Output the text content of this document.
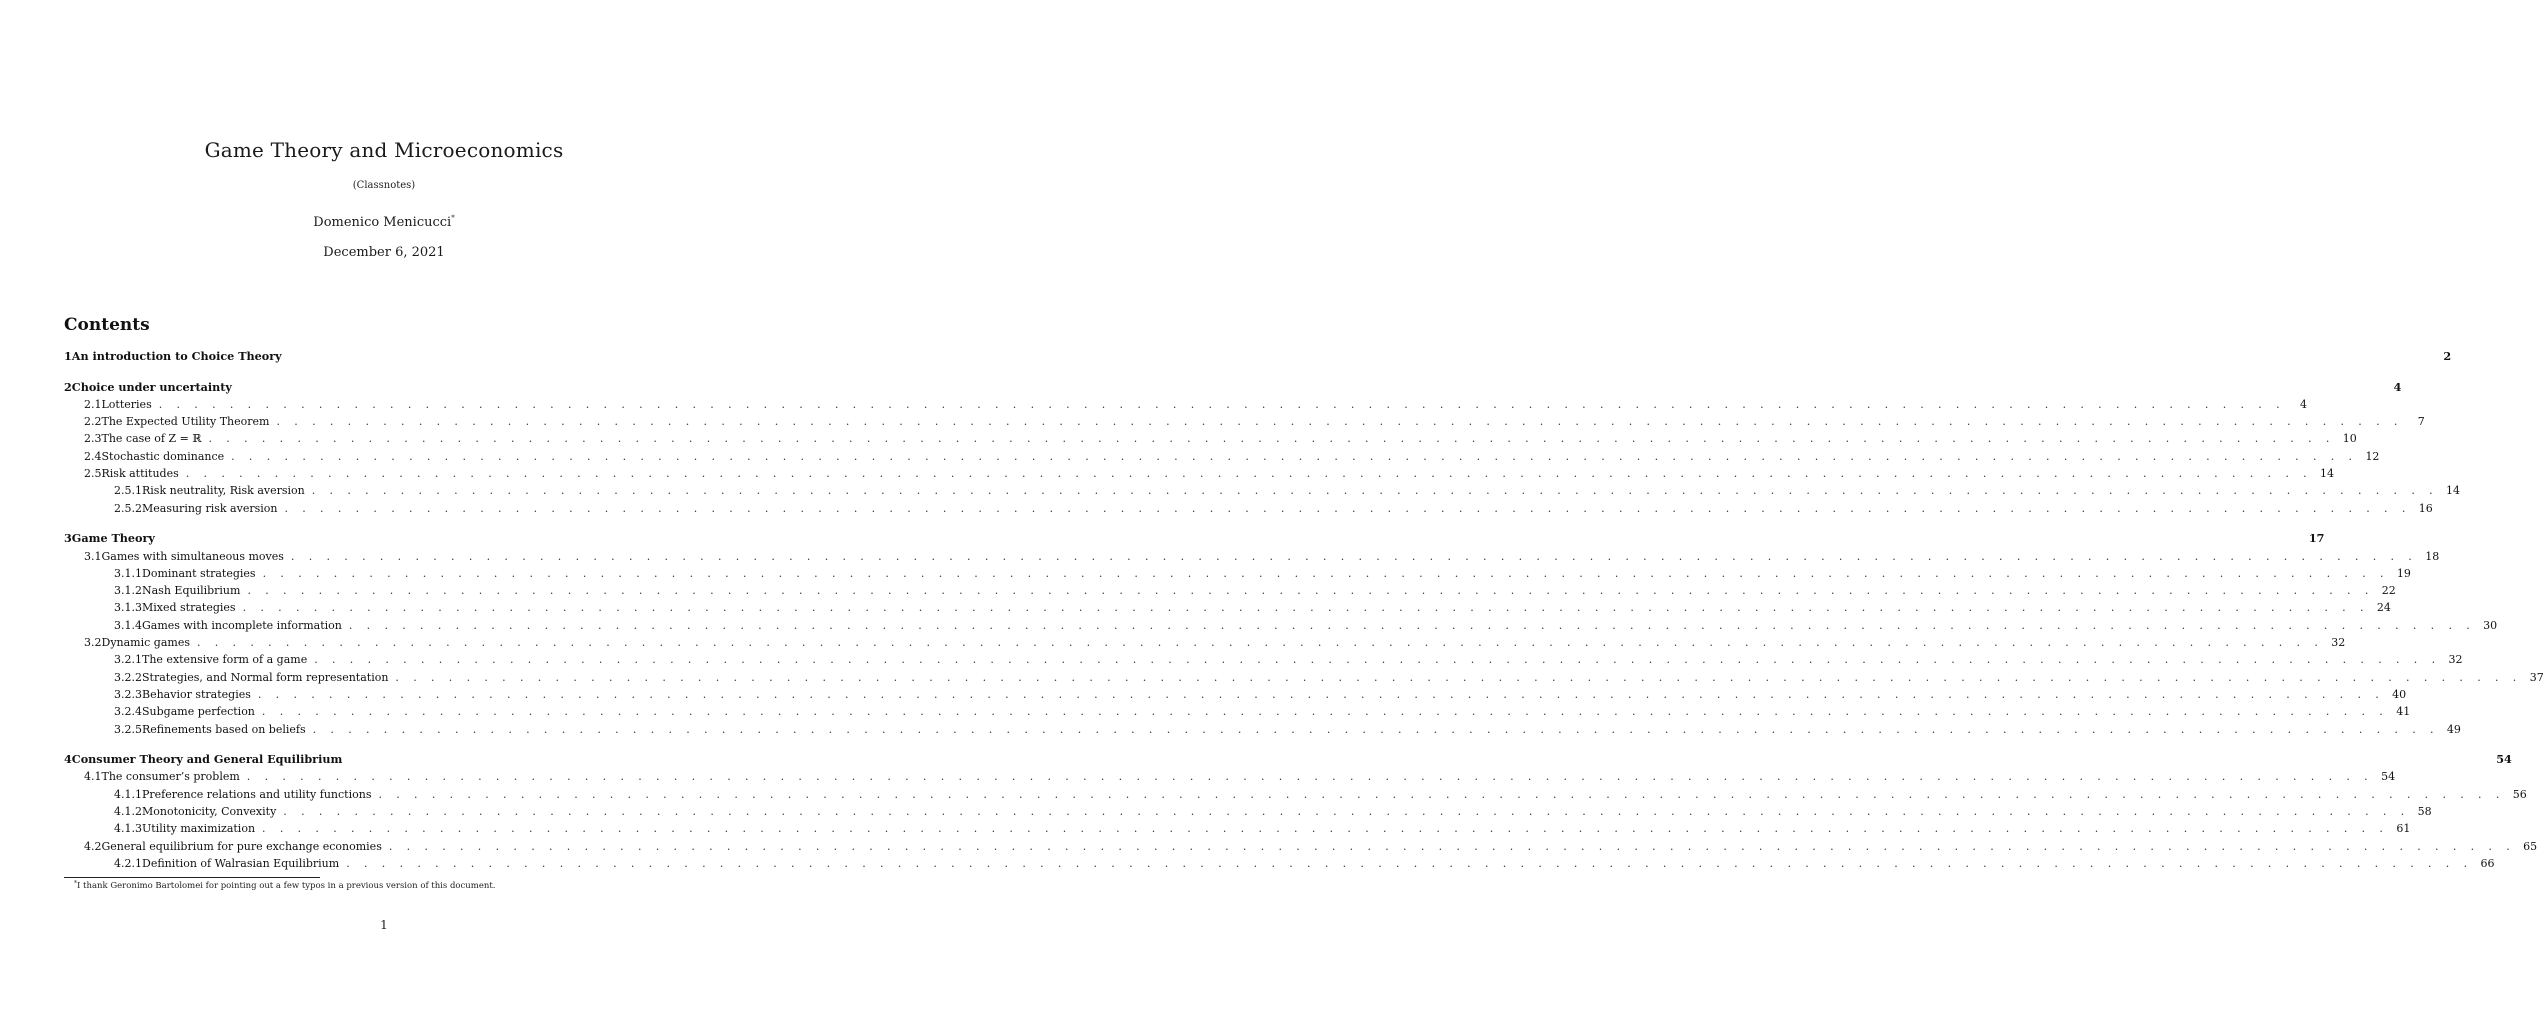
Game Theory and Microeconomics
(Classnotes)
Domenico Menicucci*
December 6, 2021
Contents
1 An introduction to Choice Theory	2
2 Choice under uncertainty	4
2.1 Lotteries . . . . . . . . . . . . . . . . . . . . . . . . . . . . . . . . . . . . . . . . . . . . . . . . . . . . . . . . . . . . . . . . . . . . . . . . . . . . . . . . . . . . . . . . . . . . . . . . . . . . . . . . . . . . . . . . . . . . . . . .	4
2.2 The Expected Utility Theorem . . . . . . . . . . . . . . . . . . . . . . . . . . . . . . . . . . . . . . . . . . . . . . . . . . . . . . . . . . . . . . . . . . . . . . . . . . . . . . . . . . . . . . . . . . . . . . . . . . . . . . . . . . . . . . . . . . . . . . . .	7
2.3 The case of Z = ℝ . . . . . . . . . . . . . . . . . . . . . . . . . . . . . . . . . . . . . . . . . . . . . . . . . . . . . . . . . . . . . . . . . . . . . . . . . . . . . . . . . . . . . . . . . . . . . . . . . . . . . . . . . . . . . . . . . . . . . . . . 10
2.4 Stochastic dominance . . . . . . . . . . . . . . . . . . . . . . . . . . . . . . . . . . . . . . . . . . . . . . . . . . . . . . . . . . . . . . . . . . . . . . . . . . . . . . . . . . . . . . . . . . . . . . . . . . . . . . . . . . . . . . . . . . . . . . . . 12
2.5 Risk attitudes . . . . . . . . . . . . . . . . . . . . . . . . . . . . . . . . . . . . . . . . . . . . . . . . . . . . . . . . . . . . . . . . . . . . . . . . . . . . . . . . . . . . . . . . . . . . . . . . . . . . . . . . . . . . . . . . . . . . . . . . 14
2.5.1 Risk neutrality, Risk aversion . . . . . . . . . . . . . . . . . . . . . . . . . . . . . . . . . . . . . . . . . . . . . . . . . . . . . . . . . . . . . . . . . . . . . . . . . . . . . . . . . . . . . . . . . . . . . . . . . . . . . . . . . . . . . . . . . . . . . . . . 14
2.5.2 Measuring risk aversion . . . . . . . . . . . . . . . . . . . . . . . . . . . . . . . . . . . . . . . . . . . . . . . . . . . . . . . . . . . . . . . . . . . . . . . . . . . . . . . . . . . . . . . . . . . . . . . . . . . . . . . . . . . . . . . . . . . . . . . . 16
3 Game Theory	17
3.1 Games with simultaneous moves . . . . . . . . . . . . . . . . . . . . . . . . . . . . . . . . . . . . . . . . . . . . . . . . . . . . . . . . . . . . . . . . . . . . . . . . . . . . . . . . . . . . . . . . . . . . . . . . . . . . . . . . . . . . . . . . . . . . . . . . 18
3.1.1 Dominant strategies . . . . . . . . . . . . . . . . . . . . . . . . . . . . . . . . . . . . . . . . . . . . . . . . . . . . . . . . . . . . . . . . . . . . . . . . . . . . . . . . . . . . . . . . . . . . . . . . . . . . . . . . . . . . . . . . . . . . . . . . 19
3.1.2 Nash Equilibrium . . . . . . . . . . . . . . . . . . . . . . . . . . . . . . . . . . . . . . . . . . . . . . . . . . . . . . . . . . . . . . . . . . . . . . . . . . . . . . . . . . . . . . . . . . . . . . . . . . . . . . . . . . . . . . . . . . . . . . . . 22
3.1.3 Mixed strategies . . . . . . . . . . . . . . . . . . . . . . . . . . . . . . . . . . . . . . . . . . . . . . . . . . . . . . . . . . . . . . . . . . . . . . . . . . . . . . . . . . . . . . . . . . . . . . . . . . . . . . . . . . . . . . . . . . . . . . . . 24
3.1.4 Games with incomplete information . . . . . . . . . . . . . . . . . . . . . . . . . . . . . . . . . . . . . . . . . . . . . . . . . . . . . . . . . . . . . . . . . . . . . . . . . . . . . . . . . . . . . . . . . . . . . . . . . . . . . . . . . . . . . . . . . . . . . . . . 30
3.2 Dynamic games . . . . . . . . . . . . . . . . . . . . . . . . . . . . . . . . . . . . . . . . . . . . . . . . . . . . . . . . . . . . . . . . . . . . . . . . . . . . . . . . . . . . . . . . . . . . . . . . . . . . . . . . . . . . . . . . . . . . . . . . 32
3.2.1 The extensive form of a game . . . . . . . . . . . . . . . . . . . . . . . . . . . . . . . . . . . . . . . . . . . . . . . . . . . . . . . . . . . . . . . . . . . . . . . . . . . . . . . . . . . . . . . . . . . . . . . . . . . . . . . . . . . . . . . . . . . . . . . . 32
3.2.2 Strategies, and Normal form representation . . . . . . . . . . . . . . . . . . . . . . . . . . . . . . . . . . . . . . . . . . . . . . . . . . . . . . . . . . . . . . . . . . . . . . . . . . . . . . . . . . . . . . . . . . . . . . . . . . . . . . . . . . . . . . . . . . . . . . . . 37
3.2.3 Behavior strategies . . . . . . . . . . . . . . . . . . . . . . . . . . . . . . . . . . . . . . . . . . . . . . . . . . . . . . . . . . . . . . . . . . . . . . . . . . . . . . . . . . . . . . . . . . . . . . . . . . . . . . . . . . . . . . . . . . . . . . . . 40
3.2.4 Subgame perfection . . . . . . . . . . . . . . . . . . . . . . . . . . . . . . . . . . . . . . . . . . . . . . . . . . . . . . . . . . . . . . . . . . . . . . . . . . . . . . . . . . . . . . . . . . . . . . . . . . . . . . . . . . . . . . . . . . . . . . . . 41
3.2.5 Refinements based on beliefs . . . . . . . . . . . . . . . . . . . . . . . . . . . . . . . . . . . . . . . . . . . . . . . . . . . . . . . . . . . . . . . . . . . . . . . . . . . . . . . . . . . . . . . . . . . . . . . . . . . . . . . . . . . . . . . . . . . . . . . . 49
4 Consumer Theory and General Equilibrium	54
4.1 The consumer’s problem . . . . . . . . . . . . . . . . . . . . . . . . . . . . . . . . . . . . . . . . . . . . . . . . . . . . . . . . . . . . . . . . . . . . . . . . . . . . . . . . . . . . . . . . . . . . . . . . . . . . . . . . . . . . . . . . . . . . . . . . 54
4.1.1 Preference relations and utility functions . . . . . . . . . . . . . . . . . . . . . . . . . . . . . . . . . . . . . . . . . . . . . . . . . . . . . . . . . . . . . . . . . . . . . . . . . . . . . . . . . . . . . . . . . . . . . . . . . . . . . . . . . . . . . . . . . . . . . . . . 56
4.1.2 Monotonicity, Convexity . . . . . . . . . . . . . . . . . . . . . . . . . . . . . . . . . . . . . . . . . . . . . . . . . . . . . . . . . . . . . . . . . . . . . . . . . . . . . . . . . . . . . . . . . . . . . . . . . . . . . . . . . . . . . . . . . . . . . . . . 58
4.1.3 Utility maximization . . . . . . . . . . . . . . . . . . . . . . . . . . . . . . . . . . . . . . . . . . . . . . . . . . . . . . . . . . . . . . . . . . . . . . . . . . . . . . . . . . . . . . . . . . . . . . . . . . . . . . . . . . . . . . . . . . . . . . . . 61
4.2 General equilibrium for pure exchange economies . . . . . . . . . . . . . . . . . . . . . . . . . . . . . . . . . . . . . . . . . . . . . . . . . . . . . . . . . . . . . . . . . . . . . . . . . . . . . . . . . . . . . . . . . . . . . . . . . . . . . . . . . . . . . . . . . . . . . . . . 65
4.2.1 Definition of Walrasian Equilibrium . . . . . . . . . . . . . . . . . . . . . . . . . . . . . . . . . . . . . . . . . . . . . . . . . . . . . . . . . . . . . . . . . . . . . . . . . . . . . . . . . . . . . . . . . . . . . . . . . . . . . . . . . . . . . . . . . . . . . . . . 66
*I thank Geronimo Bartolomei for pointing out a few typos in a previous version of this document.
1
